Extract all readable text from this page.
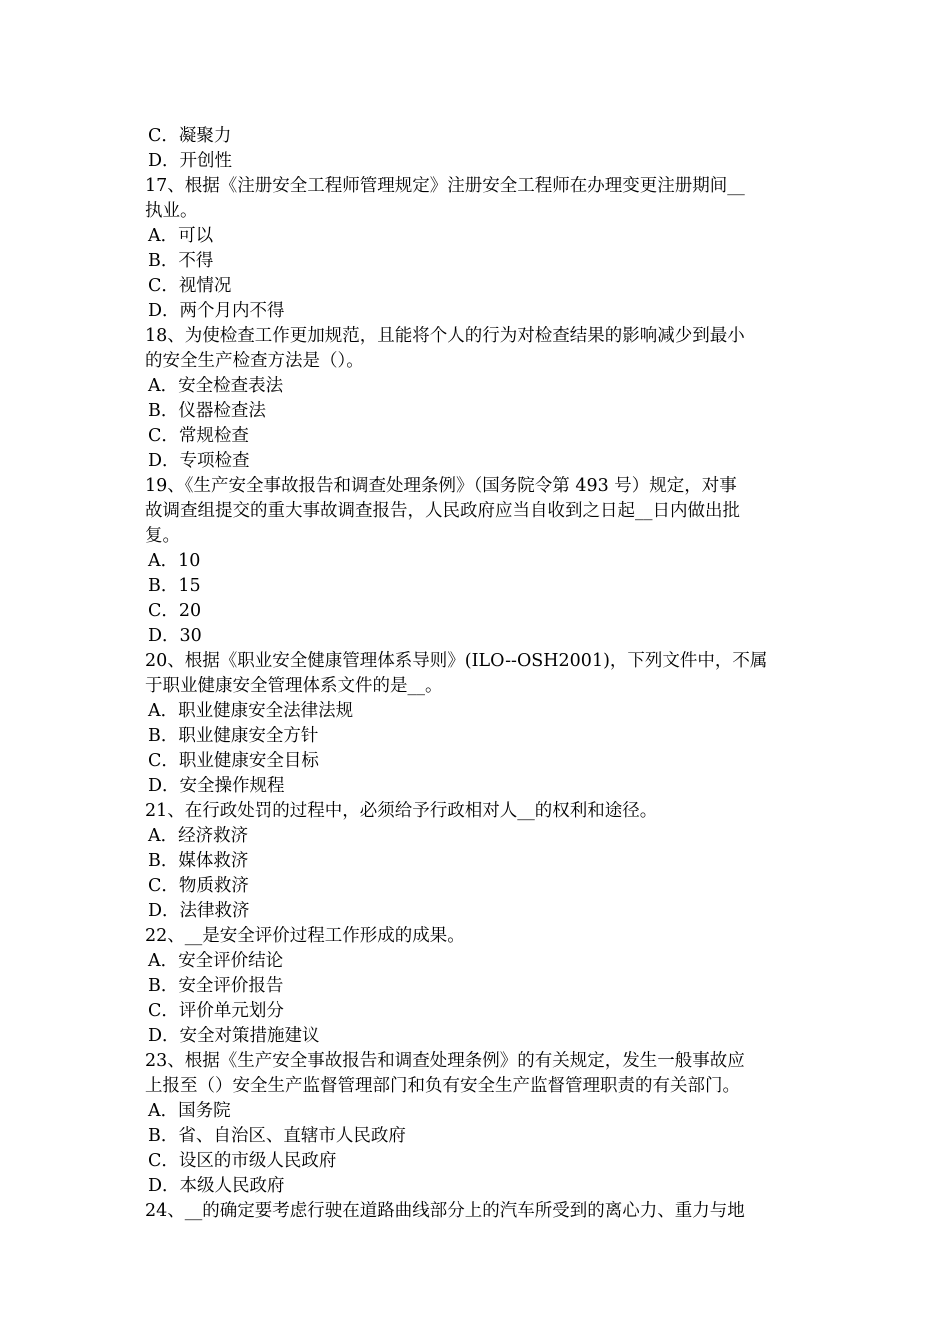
C．凝聚力
D．开创性
17、根据《注册安全工程师管理规定》注册安全工程师在办理变更注册期间__
执业。
A．可以
B．不得
C．视情况
D．两个月内不得
18、为使检查工作更加规范，且能将个人的行为对检查结果的影响减少到最小
的安全生产检查方法是（）。
A．安全检查表法
B．仪器检查法
C．常规检查
D．专项检查
19、《生产安全事故报告和调查处理条例》（国务院令第 493 号）规定，对事
故调查组提交的重大事故调查报告，人民政府应当自收到之日起__日内做出批
复。
A．10
B．15
C．20
D．30
20、根据《职业安全健康管理体系导则》(ILO--OSH2001)，下列文件中，不属
于职业健康安全管理体系文件的是__。
A．职业健康安全法律法规
B．职业健康安全方针
C．职业健康安全目标
D．安全操作规程
21、在行政处罚的过程中，必须给予行政相对人__的权利和途径。
A．经济救济
B．媒体救济
C．物质救济
D．法律救济
22、__是安全评价过程工作形成的成果。
A．安全评价结论
B．安全评价报告
C．评价单元划分
D．安全对策措施建议
23、根据《生产安全事故报告和调查处理条例》的有关规定，发生一般事故应
上报至（）安全生产监督管理部门和负有安全生产监督管理职责的有关部门。
A．国务院
B．省、自治区、直辖市人民政府
C．设区的市级人民政府
D．本级人民政府
24、__的确定要考虑行驶在道路曲线部分上的汽车所受到的离心力、重力与地
